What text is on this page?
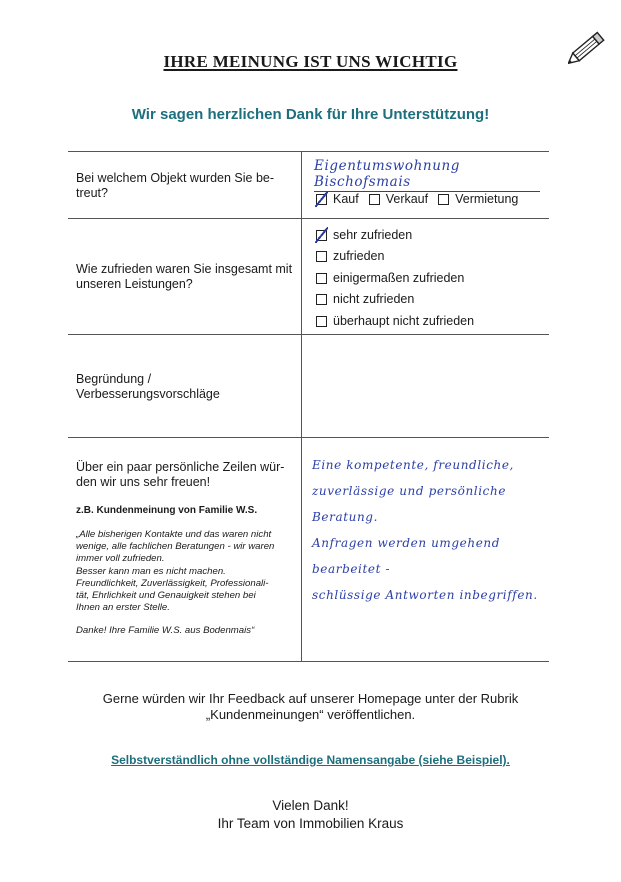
IHRE MEINUNG IST UNS WICHTIG
Wir sagen herzlichen Dank für Ihre Unterstützung!
Bei welchem Objekt wurden Sie be-
treut?
Eigentumswohnung Bischofsmais
Kauf Verkauf Vermietung
Wie zufrieden waren Sie insgesamt mit
unseren Leistungen?
sehr zufrieden
zufrieden
einigermaßen zufrieden
nicht zufrieden
überhaupt nicht zufrieden
Begründung /
Verbesserungsvorschläge
Über ein paar persönliche Zeilen wür-
den wir uns sehr freuen!
z.B. Kundenmeinung von Familie W.S.
„Alle bisherigen Kontakte und das waren nicht
wenige, alle fachlichen Beratungen - wir waren
immer voll zufrieden.
Besser kann man es nicht machen.
Freundlichkeit, Zuverlässigkeit, Professionali-
tät, Ehrlichkeit und Genauigkeit stehen bei
Ihnen an erster Stelle.
Danke! Ihre Familie W.S. aus Bodenmais“
Eine kompetente, freundliche,
zuverlässige und persönliche Beratung.
Anfragen werden umgehend bearbeitet -
schlüssige Antworten inbegriffen.
Gerne würden wir Ihr Feedback auf unserer Homepage unter der Rubrik
„Kundenmeinungen“ veröffentlichen.
Selbstverständlich ohne vollständige Namensangabe (siehe Beispiel).
Vielen Dank!
Ihr Team von Immobilien Kraus
